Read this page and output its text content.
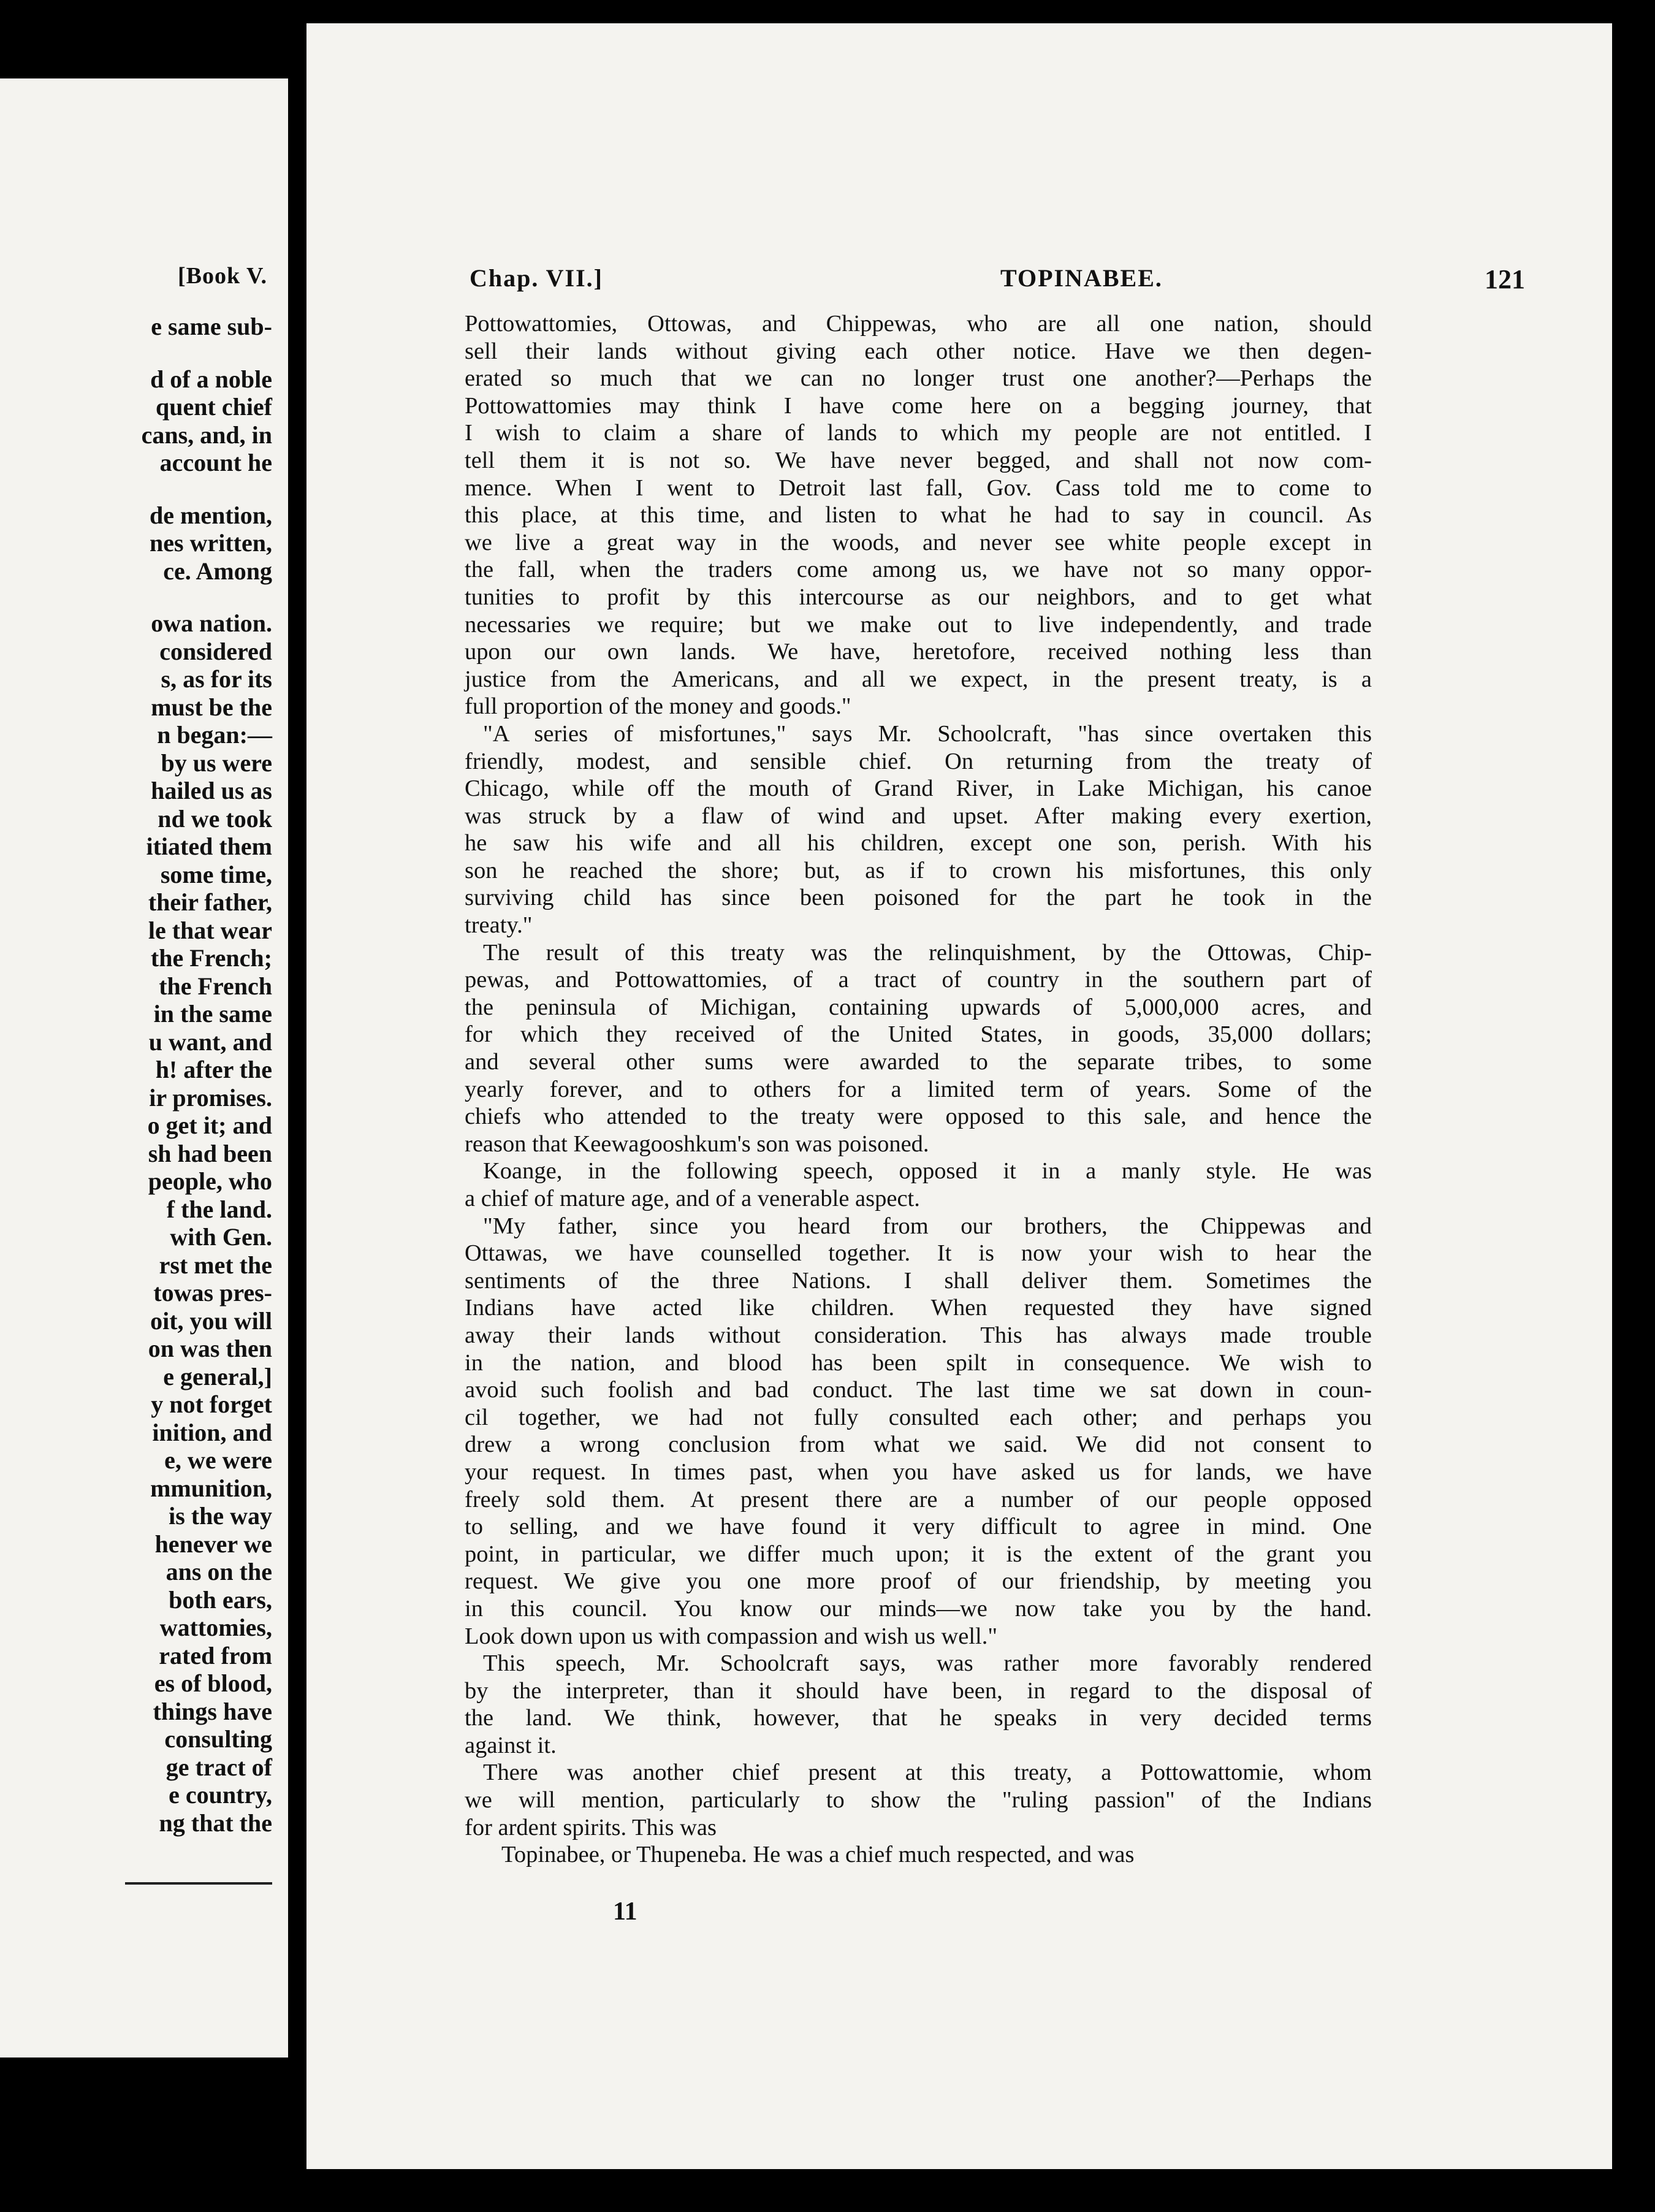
[Book V.
e same sub-
d of a noble
quent chief
cans, and, in
account he
de mention,
nes written,
ce. Among
owa nation.
considered
s, as for its
must be the
n began:—
by us were
hailed us as
nd we took
itiated them
some time,
their father,
le that wear
the French;
the French
in the same
u want, and
h! after the
ir promises.
o get it; and
sh had been
people, who
f the land.
with Gen.
rst met the
towas pres-
oit, you will
on was then
e general,]
y not forget
inition, and
e, we were
mmunition,
is the way
henever we
ans on the
both ears,
wattomies,
rated from
es of blood,
things have
consulting
ge tract of
e country,
ng that the
Chap. VII.]	TOPINABEE.	121
Pottowattomies, Ottowas, and Chippewas, who are all one nation, should
sell their lands without giving each other notice. Have we then degen-
erated so much that we can no longer trust one another?—Perhaps the
Pottowattomies may think I have come here on a begging journey, that
I wish to claim a share of lands to which my people are not entitled. I
tell them it is not so. We have never begged, and shall not now com-
mence. When I went to Detroit last fall, Gov. Cass told me to come to
this place, at this time, and listen to what he had to say in council. As
we live a great way in the woods, and never see white people except in
the fall, when the traders come among us, we have not so many oppor-
tunities to profit by this intercourse as our neighbors, and to get what
necessaries we require; but we make out to live independently, and trade
upon our own lands. We have, heretofore, received nothing less than
justice from the Americans, and all we expect, in the present treaty, is a
full proportion of the money and goods."
"A series of misfortunes," says Mr. Schoolcraft, "has since overtaken this
friendly, modest, and sensible chief. On returning from the treaty of
Chicago, while off the mouth of Grand River, in Lake Michigan, his canoe
was struck by a flaw of wind and upset. After making every exertion,
he saw his wife and all his children, except one son, perish. With his
son he reached the shore; but, as if to crown his misfortunes, this only
surviving child has since been poisoned for the part he took in the
treaty."
The result of this treaty was the relinquishment, by the Ottowas, Chip-
pewas, and Pottowattomies, of a tract of country in the southern part of
the peninsula of Michigan, containing upwards of 5,000,000 acres, and
for which they received of the United States, in goods, 35,000 dollars;
and several other sums were awarded to the separate tribes, to some
yearly forever, and to others for a limited term of years. Some of the
chiefs who attended to the treaty were opposed to this sale, and hence the
reason that Keewagooshkum's son was poisoned.
Koange, in the following speech, opposed it in a manly style. He was
a chief of mature age, and of a venerable aspect.
"My father, since you heard from our brothers, the Chippewas and
Ottawas, we have counselled together. It is now your wish to hear the
sentiments of the three Nations. I shall deliver them. Sometimes the
Indians have acted like children. When requested they have signed
away their lands without consideration. This has always made trouble
in the nation, and blood has been spilt in consequence. We wish to
avoid such foolish and bad conduct. The last time we sat down in coun-
cil together, we had not fully consulted each other; and perhaps you
drew a wrong conclusion from what we said. We did not consent to
your request. In times past, when you have asked us for lands, we have
freely sold them. At present there are a number of our people opposed
to selling, and we have found it very difficult to agree in mind. One
point, in particular, we differ much upon; it is the extent of the grant you
request. We give you one more proof of our friendship, by meeting you
in this council. You know our minds—we now take you by the hand.
Look down upon us with compassion and wish us well."
This speech, Mr. Schoolcraft says, was rather more favorably rendered
by the interpreter, than it should have been, in regard to the disposal of
the land. We think, however, that he speaks in very decided terms
against it.
There was another chief present at this treaty, a Pottowattomie, whom
we will mention, particularly to show the "ruling passion" of the Indians
for ardent spirits. This was
Topinabee, or Thupeneba. He was a chief much respected, and was
11
